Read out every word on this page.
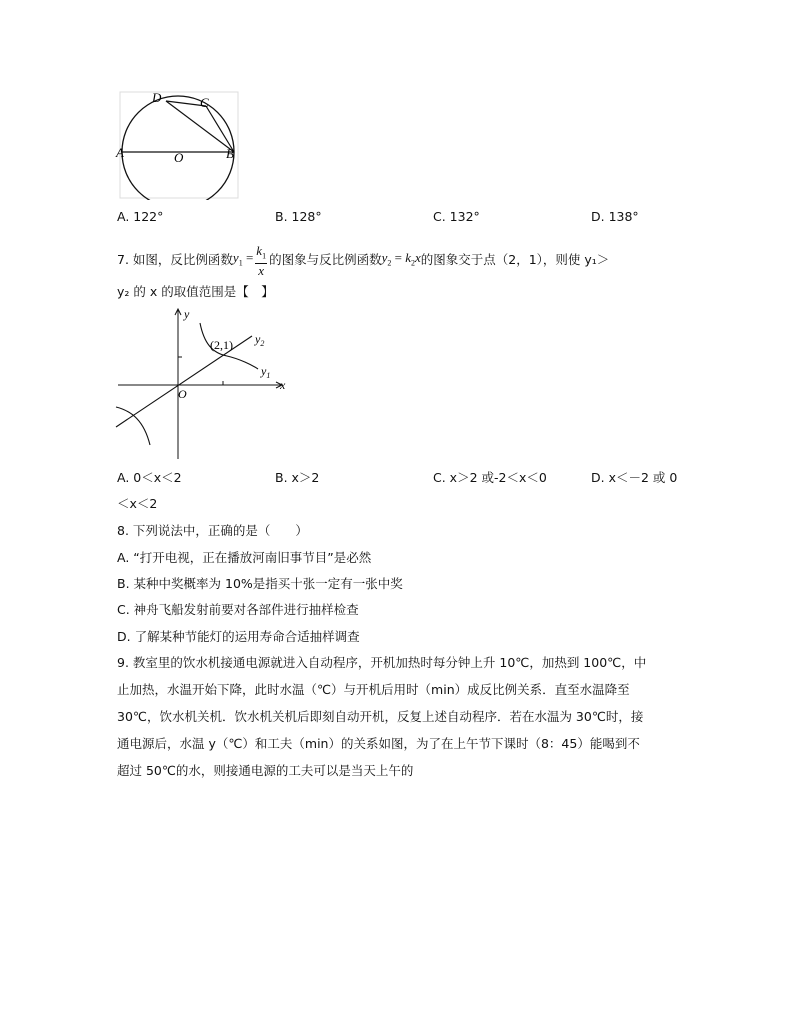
D	C
A	B
O
A. 122°	B. 128°	C. 132°	D. 138°
7. 如图，反比例函数 $y_1 = \frac{k_1}{x}$ 的图象与反比例函数 $y_2 = k_2x$ 的图象交于点（2，1），则使 y₁＞
y₂ 的 x 的取值范围是【　】
y
x
O
(2,1) $y_2$
$y_1$
A. 0＜x＜2	B. x＞2	C. x＞2 或-2＜x＜0	D. x＜－2 或 0
＜x＜2
8. 下列说法中，正确的是（　　）
A. “打开电视，正在播放河南旧事节目”是必然
B. 某种中奖概率为 10%是指买十张一定有一张中奖
C. 神舟飞船发射前要对各部件进行抽样检查
D. 了解某种节能灯的运用寿命合适抽样调查
9. 教室里的饮水机接通电源就进入自动程序，开机加热时每分钟上升 10℃，加热到 100℃，中
止加热，水温开始下降，此时水温（℃）与开机后用时（min）成反比例关系．直至水温降至
30℃，饮水机关机．饮水机关机后即刻自动开机，反复上述自动程序．若在水温为 30℃时，接
通电源后，水温 y（℃）和工夫（min）的关系如图，为了在上午节下课时（8：45）能喝到不
超过 50℃的水，则接通电源的工夫可以是当天上午的
